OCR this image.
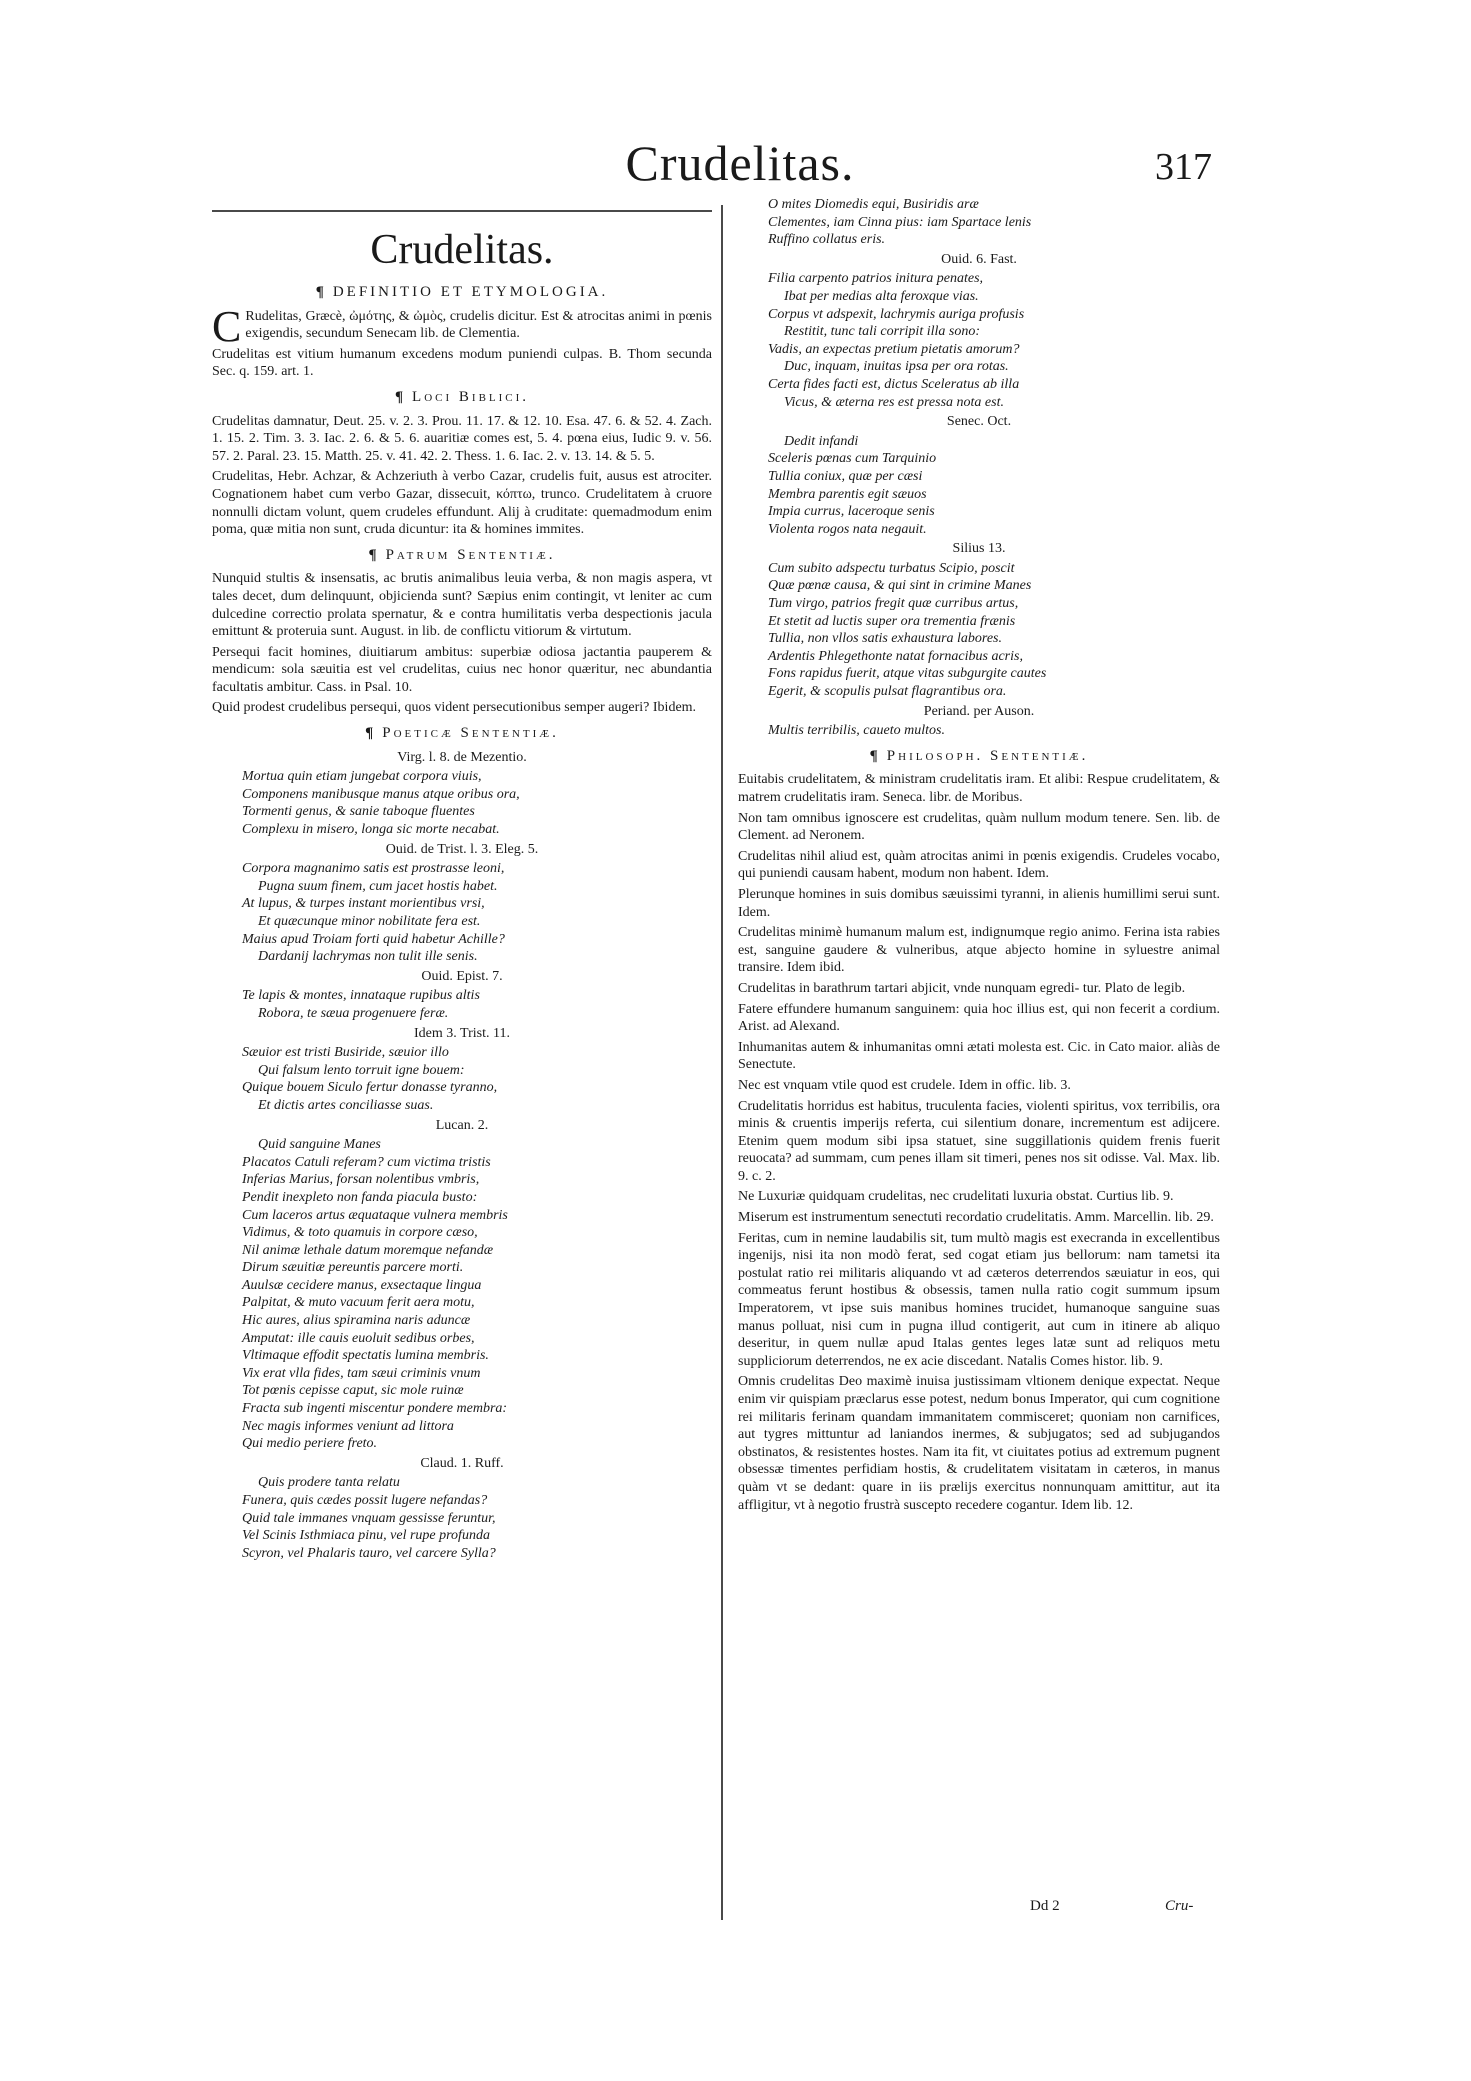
Crudelitas.	317
Crudelitas.
¶ DEFINITIO ET ETYMOLOGIA.
C Rudelitas, Græcè, ὠμότης, & ὠμὸς, crudelis dicitur. Est & atrocitas animi in pœnis exigendis, secundum Senecam lib. de Clementia.
Crudelitas est vitium humanum excedens modum puniendi culpas. B. Thom secunda Sec. q. 159. art. 1.
¶ Loci Biblici.
Crudelitas damnatur, Deut. 25. v. 2. 3. Prou. 11. 17. & 12. 10. Esa. 47. 6. & 52. 4. Zach. 1. 15. 2. Tim. 3. 3. Iac. 2. 6. & 5. 6. auaritiæ comes est, 5. 4. pœna eius, Iudic 9. v. 56. 57. 2. Paral. 23. 15. Matth. 25. v. 41. 42. 2. Thess. 1. 6. Iac. 2. v. 13. 14. & 5. 5.
Crudelitas, Hebr. Achzar, & Achzeriuth à verbo Cazar, crudelis fuit, ausus est atrociter. Cognationem habet cum verbo Gazar, dissecuit, κόπτω, trunco. Crudelitatem à cruore nonnulli dictam volunt, quem crudeles effundunt. Alij à cruditate: quemadmodum enim poma, quæ mitia non sunt, cruda dicuntur: ita & homines immites.
¶ Patrum Sententiæ.
Nunquid stultis & insensatis, ac brutis animalibus leuia verba, & non magis aspera, vt tales decet, dum delinquunt, objicienda sunt? Sæpius enim contingit, vt leniter ac cum dulcedine correctio prolata spernatur, & e contra humilitatis verba despectionis jacula emittunt & proteruia sunt. August. in lib. de conflictu vitiorum & virtutum.
Persequi facit homines, diuitiarum ambitus: superbiæ odiosa jactantia pauperem & mendicum: sola sæuitia est vel crudelitas, cuius nec honor quæritur, nec abundantia facultatis ambitur. Cass. in Psal. 10.
Quid prodest crudelibus persequi, quos vident persecutionibus semper augeri? Ibidem.
¶ Poeticæ Sententiæ.
Virg. l. 8. de Mezentio.

Mortua quin etiam jungebat corpora viuis,

Componens manibusque manus atque oribus ora,

Tormenti genus, & sanie taboque fluentes

Complexu in misero, longa sic morte necabat.

Ouid. de Trist. l. 3. Eleg. 5.

Corpora magnanimo satis est prostrasse leoni,

Pugna suum finem, cum jacet hostis habet.

At lupus, & turpes instant morientibus vrsi,

Et quæcunque minor nobilitate fera est.

Maius apud Troiam forti quid habetur Achille?

Dardanij lachrymas non tulit ille senis.

Ouid. Epist. 7.

Te lapis & montes, innataque rupibus altis

Robora, te sæua progenuere feræ.

Idem 3. Trist. 11.

Sæuior est tristi Busiride, sæuior illo

Qui falsum lento torruit igne bouem:

Quique bouem Siculo fertur donasse tyranno,

Et dictis artes conciliasse suas.

Lucan. 2.

Quid sanguine Manes

Placatos Catuli referam? cum victima tristis

Inferias Marius, forsan nolentibus vmbris,

Pendit inexpleto non fanda piacula busto:

Cum laceros artus æquataque vulnera membris

Vidimus, & toto quamuis in corpore cæso,

Nil animæ lethale datum moremque nefandæ

Dirum sæuitiæ pereuntis parcere morti.

Auulsæ cecidere manus, exsectaque lingua

Palpitat, & muto vacuum ferit aera motu,

Hic aures, alius spiramina naris aduncæ

Amputat: ille cauis euoluit sedibus orbes,

Vltimaque effodit spectatis lumina membris.

Vix erat vlla fides, tam sæui criminis vnum

Tot pœnis cepisse caput, sic mole ruinæ

Fracta sub ingenti miscentur pondere membra:

Nec magis informes veniunt ad littora

Qui medio periere freto.

Claud. 1. Ruff.

Quis prodere tanta relatu

Funera, quis cædes possit lugere nefandas?

Quid tale immanes vnquam gessisse feruntur,

Vel Scinis Isthmiaca pinu, vel rupe profunda

Scyron, vel Phalaris tauro, vel carcere Sylla?

O mites Diomedis equi, Busiridis aræ

Clementes, iam Cinna pius: iam Spartace lenis

Ruffino collatus eris.

Ouid. 6. Fast.

Filia carpento patrios initura penates,

Ibat per medias alta feroxque vias.

Corpus vt adspexit, lachrymis auriga profusis

Restitit, tunc tali corripit illa sono:

Vadis, an expectas pretium pietatis amorum?

Duc, inquam, inuitas ipsa per ora rotas.

Certa fides facti est, dictus Sceleratus ab illa

Vicus, & æterna res est pressa nota est.

Senec. Oct.

Dedit infandi

Sceleris pœnas cum Tarquinio

Tullia coniux, quæ per cæsi

Membra parentis egit sæuos

Impia currus, laceroque senis

Violenta rogos nata negauit.

Silius 13.

Cum subito adspectu turbatus Scipio, poscit

Quæ pœnæ causa, & qui sint in crimine Manes

Tum virgo, patrios fregit quæ curribus artus,

Et stetit ad luctis super ora trementia frænis

Tullia, non vllos satis exhaustura labores.

Ardentis Phlegethonte natat fornacibus acris,

Fons rapidus fuerit, atque vitas subgurgite cautes

Egerit, & scopulis pulsat flagrantibus ora.

Periand. per Auson.

Multis terribilis, caueto multos.

¶ Philosoph. Sententiæ.
Euitabis crudelitatem, & ministram crudelitatis iram. Et alibi: Respue crudelitatem, & matrem crudelitatis iram. Seneca. libr. de Moribus.
Non tam omnibus ignoscere est crudelitas, quàm nullum modum tenere. Sen. lib. de Clement. ad Neronem.
Crudelitas nihil aliud est, quàm atrocitas animi in pœnis exigendis. Crudeles vocabo, qui puniendi causam habent, modum non habent. Idem.
Plerunque homines in suis domibus sæuissimi tyranni, in alienis humillimi serui sunt. Idem.
Crudelitas minimè humanum malum est, indignumque regio animo. Ferina ista rabies est, sanguine gaudere & vulneribus, atque abjecto homine in syluestre animal transire. Idem ibid.
Crudelitas in barathrum tartari abjicit, vnde nunquam egredi- tur. Plato de legib.
Fatere effundere humanum sanguinem: quia hoc illius est, qui non fecerit a cordium. Arist. ad Alexand.
Inhumanitas autem & inhumanitas omni ætati molesta est. Cic. in Cato maior. aliàs de Senectute.
Nec est vnquam vtile quod est crudele. Idem in offic. lib. 3.
Crudelitatis horridus est habitus, truculenta facies, violenti spiritus, vox terribilis, ora minis & cruentis imperijs referta, cui silentium donare, incrementum est adijcere. Etenim quem modum sibi ipsa statuet, sine suggillationis quidem frenis fuerit reuocata? ad summam, cum penes illam sit timeri, penes nos sit odisse. Val. Max. lib. 9. c. 2.
Ne Luxuriæ quidquam crudelitas, nec crudelitati luxuria obstat. Curtius lib. 9.
Miserum est instrumentum senectuti recordatio crudelitatis. Amm. Marcellin. lib. 29.
Feritas, cum in nemine laudabilis sit, tum multò magis est execranda in excellentibus ingenijs, nisi ita non modò ferat, sed cogat etiam jus bellorum: nam tametsi ita postulat ratio rei militaris aliquando vt ad cæteros deterrendos sæuiatur in eos, qui commeatus ferunt hostibus & obsessis, tamen nulla ratio cogit summum ipsum Imperatorem, vt ipse suis manibus homines trucidet, humanoque sanguine suas manus polluat, nisi cum in pugna illud contigerit, aut cum in itinere ab aliquo deseritur, in quem nullæ apud Italas gentes leges latæ sunt ad reliquos metu suppliciorum deterrendos, ne ex acie discedant. Natalis Comes histor. lib. 9.
Omnis crudelitas Deo maximè inuisa justissimam vltionem denique expectat. Neque enim vir quispiam præclarus esse potest, nedum bonus Imperator, qui cum cognitione rei militaris ferinam quandam immanitatem commisceret; quoniam non carnifices, aut tygres mittuntur ad laniandos inermes, & subjugatos; sed ad subjugandos obstinatos, & resistentes hostes. Nam ita fit, vt ciuitates potius ad extremum pugnent obsessæ timentes perfidiam hostis, & crudelitatem visitatam in cæteros, in manus quàm vt se dedant: quare in iis prælijs exercitus nonnunquam amittitur, aut ita affligitur, vt à negotio frustrà suscepto recedere cogantur. Idem lib. 12.
Dd 2	Cru-
